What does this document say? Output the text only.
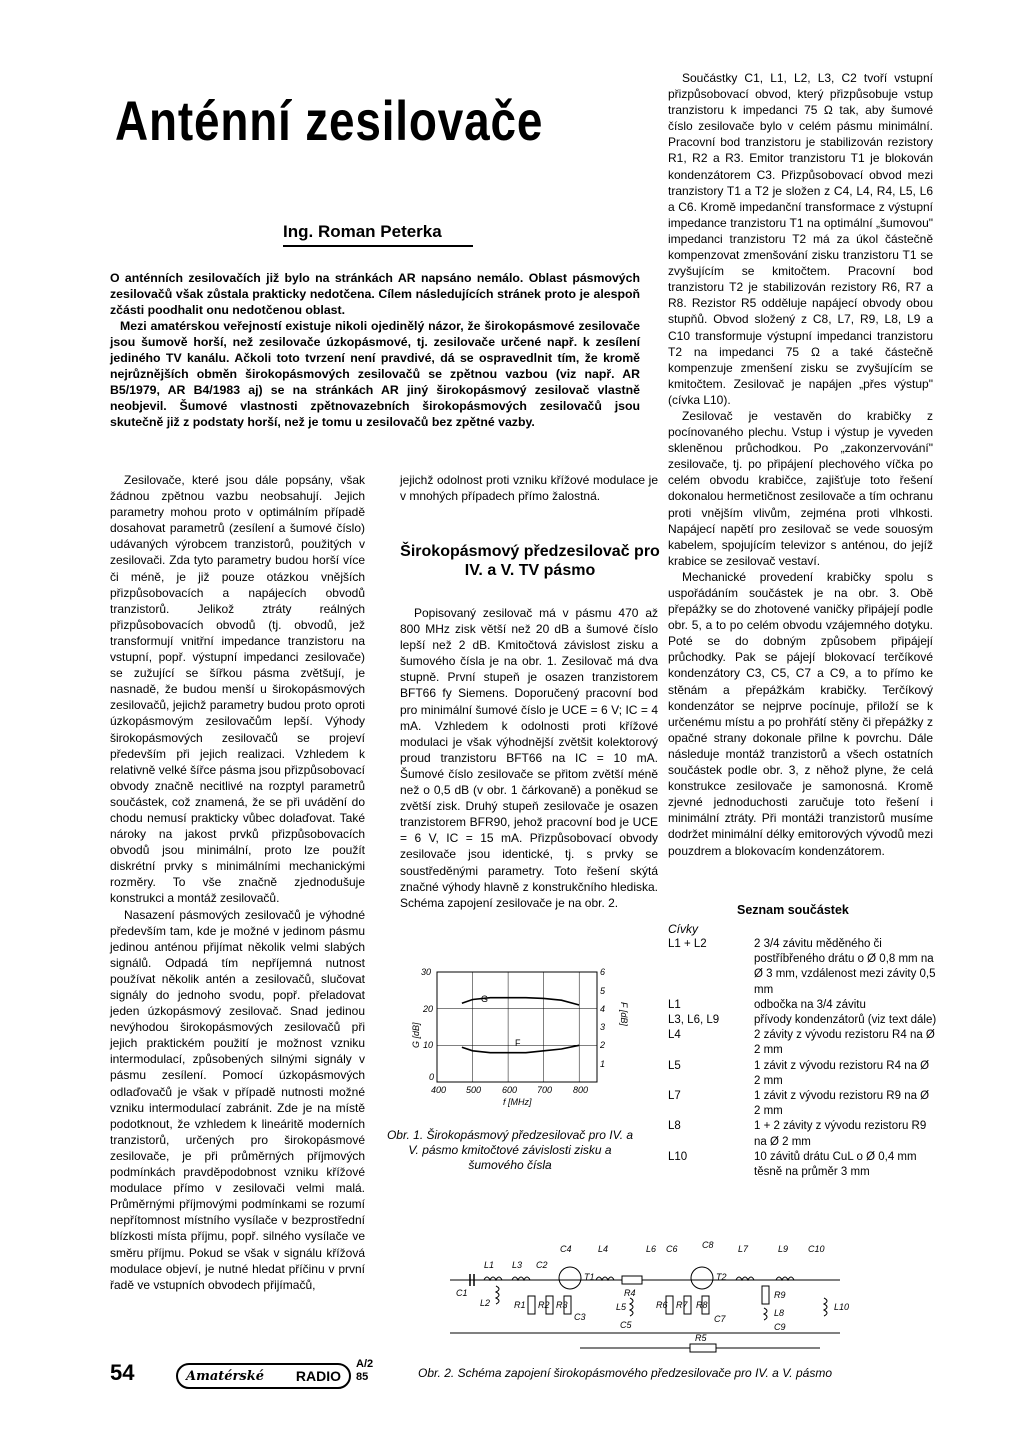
Anténní zesilovače
Ing. Roman Peterka

O anténních zesilovačích již bylo na stránkách AR napsáno nemálo. Oblast pásmových zesilovačů však zůstala prakticky nedotčena. Cílem následujících stránek proto je alespoň zčásti poodhalit onu nedotčenou oblast.

Mezi amatérskou veřejností existuje nikoli ojedinělý názor, že širokopásmové zesilovače jsou šumově horší, než zesilovače úzkopásmové, tj. zesilovače určené např. k zesílení jediného TV kanálu. Ačkoli toto tvrzení není pravdivé, dá se ospravedlnit tím, že kromě nejrůznějších obměn širokopásmových zesilovačů se zpětnou vazbou (viz např. AR B5/1979, AR B4/1983 aj) se na stránkách AR jiný širokopásmový zesilovač vlastně neobjevil. Šumové vlastnosti zpětnovazebních širokopásmových zesilovačů jsou skutečně již z podstaty horší, než je tomu u zesilovačů bez zpětné vazby.

Zesilovače, které jsou dále popsány, však žádnou zpětnou vazbu neobsahují. Jejich parametry mohou proto v optimálním případě dosahovat parametrů (zesílení a šumové číslo) udávaných výrobcem tranzistorů, použitých v zesilovači. Zda tyto parametry budou horší více či méně, je již pouze otázkou vnějších přizpůsobovacích a napájecích obvodů tranzistorů. Jelikož ztráty reálných přizpůsobovacích obvodů (tj. obvodů, jež transformují vnitřní impedance tranzistoru na vstupní, popř. výstupní impedanci zesilovače) se zužující se šířkou pásma zvětšují, je nasnadě, že budou menší u širokopásmových zesilovačů, jejichž parametry budou proto oproti úzkopásmovým zesilovačům lepší. Výhody širokopásmových zesilovačů se projeví především při jejich realizaci. Vzhledem k relativně velké šířce pásma jsou přizpůsobovací obvody značně necitlivé na rozptyl parametrů součástek, což znamená, že se při uvádění do chodu nemusí prakticky vůbec dolaďovat. Také nároky na jakost prvků přizpůsobovacích obvodů jsou minimální, proto lze použít diskrétní prvky s minimálními mechanickými rozměry. To vše značně zjednodušuje konstrukci a montáž zesilovačů.

Nasazení pásmových zesilovačů je výhodné především tam, kde je možné v jedinom pásmu jedinou anténou přijímat několik velmi slabých signálů. Odpadá tím nepříjemná nutnost používat několik antén a zesilovačů, slučovat signály do jednoho svodu, popř. přeladovat jeden úzkopásmový zesilovač. Snad jedinou nevýhodou širokopásmových zesilovačů při jejich praktickém použití je možnost vzniku intermodulací, způsobených silnými signály v pásmu zesílení. Pomocí úzkopásmových odlaďovačů je však v případě nutnosti možné vzniku intermodulací zabránit. Zde je na místě podotknout, že vzhledem k lineáritě moderních tranzistorů, určených pro širokopásmové zesilovače, je při průměrných příjmových podmínkách pravděpodobnost vzniku křížové modulace přímo v zesilovači velmi malá. Průměrnými příjmovými podmínkami se rozumí nepřítomnost místního vysílače v bezprostřední blízkosti místa příjmu, popř. silného vysílače ve směru příjmu. Pokud se však v signálu křížová modulace objeví, je nutné hledat příčinu v první řadě ve vstupních obvodech přijímačů,

jejichž odolnost proti vzniku křížové modulace je v mnohých případech přímo žalostná.

Širokopásmový předzesilovač pro IV. a V. TV pásmo

Popisovaný zesilovač má v pásmu 470 až 800 MHz zisk větší než 20 dB a šumové číslo lepší než 2 dB. Kmitočtová závislost zisku a šumového čísla je na obr. 1. Zesilovač má dva stupně. První stupeň je osazen tranzistorem BFT66 fy Siemens. Doporučený pracovní bod pro minimální šumové číslo je UCE = 6 V; IC = 4 mA. Vzhledem k odolnosti proti křížové modulaci je však výhodnější zvětšit kolektorový proud tranzistoru BFT66 na IC = 10 mA. Šumové číslo zesilovače se přitom zvětší méně než o 0,5 dB (v obr. 1 čárkovaně) a poněkud se zvětší zisk. Druhý stupeň zesilovače je osazen tranzistorem BFR90, jehož pracovní bod je UCE = 6 V, IC = 15 mA. Přizpůsobovací obvody zesilovače jsou identické, tj. s prvky se soustředěnými parametry. Toto řešení skýtá značné výhody hlavně z konstrukčního hlediska. Schéma zapojení zesilovače je na obr. 2.

G
F
30
20
10
0
6
5
4
3
2
1
400 500 600 700 800
f [MHz]
G [dB]
F [dB]

Obr. 1. Širokopásmový předzesilovač pro IV. a V. pásmo kmitočtové závislosti zisku a šumového čísla

Součástky C1, L1, L2, L3, C2 tvoří vstupní přizpůsobovací obvod, který přizpůsobuje vstup tranzistoru k impedanci 75 Ω tak, aby šumové číslo zesilovače bylo v celém pásmu minimální. Pracovní bod tranzistoru je stabilizován rezistory R1, R2 a R3. Emitor tranzistoru T1 je blokován kondenzátorem C3. Přizpůsobovací obvod mezi tranzistory T1 a T2 je složen z C4, L4, R4, L5, L6 a C6. Kromě impedanční transformace z výstupní impedance tranzistoru T1 na optimální „šumovou" impedanci tranzistoru T2 má za úkol částečně kompenzovat zmenšování zisku tranzistoru T1 se zvyšujícím se kmitočtem. Pracovní bod tranzistoru T2 je stabilizován rezistory R6, R7 a R8. Rezistor R5 odděluje napájecí obvody obou stupňů. Obvod složený z C8, L7, R9, L8, L9 a C10 transformuje výstupní impedanci tranzistoru T2 na impedanci 75 Ω a také částečně kompenzuje zmenšení zisku se zvyšujícím se kmitočtem. Zesilovač je napájen „přes výstup" (cívka L10).

Zesilovač je vestavěn do krabičky z pocínovaného plechu. Vstup i výstup je vyveden skleněnou průchodkou. Po „zakonzervování" zesilovače, tj. po připájení plechového víčka po celém obvodu krabičce, zajišťuje toto řešení dokonalou hermetičnost zesilovače a tím ochranu proti vnějším vlivům, zejména proti vlhkosti. Napájecí napětí pro zesilovač se vede souosým kabelem, spojujícím televizor s anténou, do jejíž krabice se zesilovač vestaví.

Mechanické provedení krabičky spolu s uspořádáním součástek je na obr. 3. Obě přepážky se do zhotovené vaničky připájejí podle obr. 5, a to po celém obvodu vzájemného dotyku. Poté se do dobným způsobem připájejí průchodky. Pak se pájejí blokovací terčíkové kondenzátory C3, C5, C7 a C9, a to přímo ke stěnám a přepážkám krabičky. Terčíkový kondenzátor se nejprve pocínuje, přiloží se k určenému místu a po prohřátí stěny či přepážky z opačné strany dokonale přilne k povrchu. Dále následuje montáž tranzistorů a všech ostatních součástek podle obr. 3, z něhož plyne, že celá konstrukce zesilovače je samonosná. Kromě zjevné jednoduchosti zaručuje toto řešení i minimální ztráty. Při montáži tranzistorů musíme dodržet minimální délky emitorových vývodů mezi pouzdrem a blokovacím kondenzátorem.

Seznam součástek
Cívky
L1 + L2	2 3/4 závitu měděného či postříbřeného drátu o Ø 0,8 mm na Ø 3 mm, vzdálenost mezi závity 0,5 mm
L1	odbočka na 3/4 závitu
L3, L6, L9	přívody kondenzátorů (viz text dále)
L4	2 závity z vývodu rezistoru R4 na Ø 2 mm
L5	1 závit z vývodu rezistoru R4 na Ø 2 mm
L7	1 závit z vývodu rezistoru R9 na Ø 2 mm
L8	1 + 2 závity z vývodu rezistoru R9 na Ø 2 mm
L10	10 závitů drátu CuL o Ø 0,4 mm těsně na průměr 3 mm
R5
C1
L1
L2
L3 C2
T1
R1 R2 R3
C3
C4	L4
R4
L5
C5
L6 C6
T2
R6 R7 R8
C7
C8	L7	L9 C10
R9
L8
C9
L10

Obr. 2. Schéma zapojení širokopásmového předzesilovače pro IV. a V. pásmo

54	Amatérské RADIO
A/2
85
